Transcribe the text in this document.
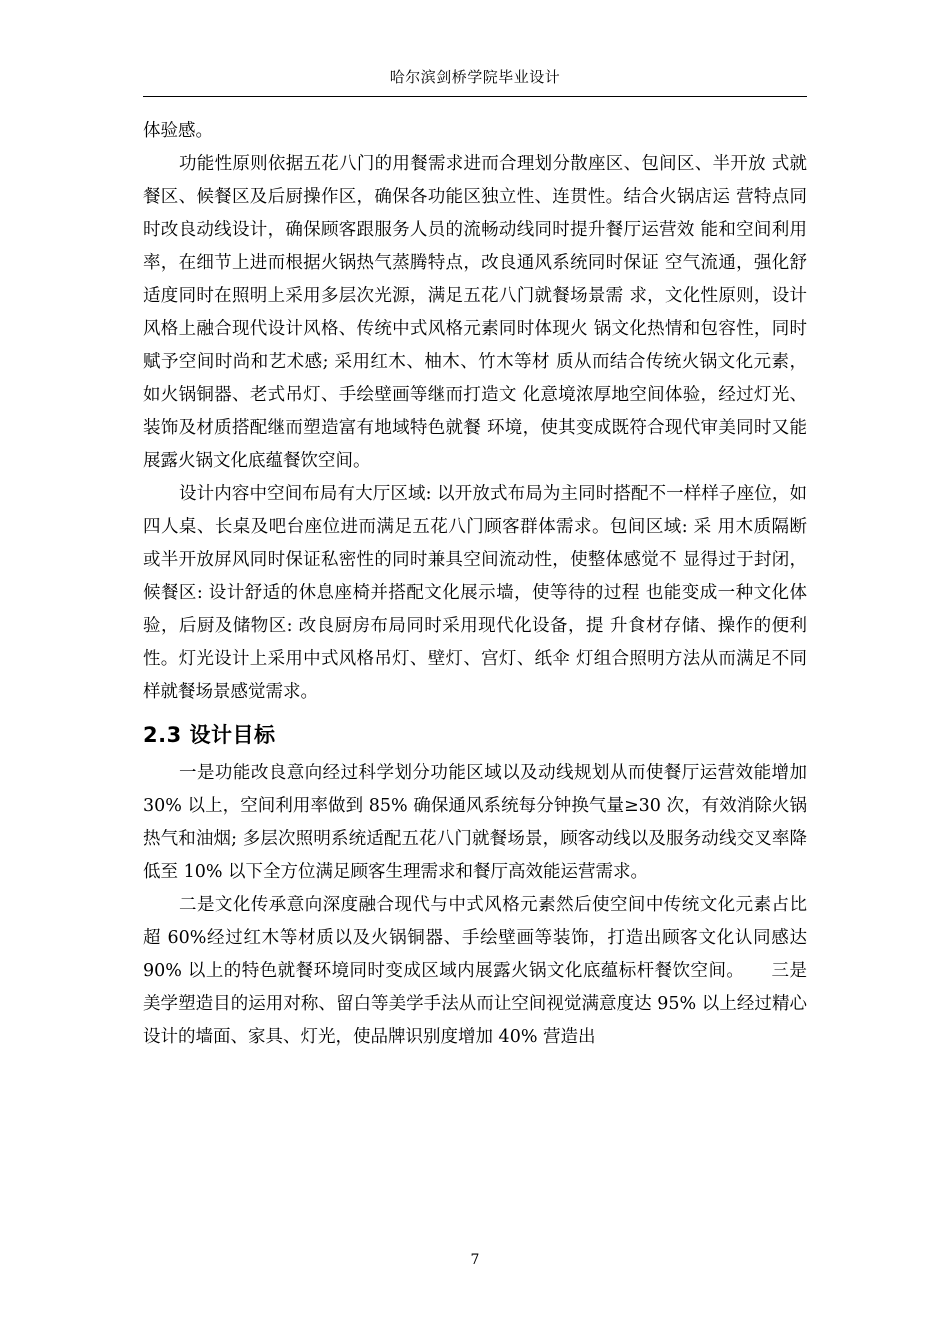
哈尔滨剑桥学院毕业设计

体验感。

功能性原则依据五花八门的用餐需求进而合理划分散座区、包间区、半开放 式就餐区、候餐区及后厨操作区，确保各功能区独立性、连贯性。结合火锅店运 营特点同时改良动线设计，确保顾客跟服务人员的流畅动线同时提升餐厅运营效 能和空间利用率，在细节上进而根据火锅热气蒸腾特点，改良通风系统同时保证 空气流通，强化舒适度同时在照明上采用多层次光源，满足五花八门就餐场景需 求，文化性原则，设计风格上融合现代设计风格、传统中式风格元素同时体现火 锅文化热情和包容性，同时赋予空间时尚和艺术感; 采用红木、柚木、竹木等材 质从而结合传统火锅文化元素，如火锅铜器、老式吊灯、手绘壁画等继而打造文 化意境浓厚地空间体验，经过灯光、装饰及材质搭配继而塑造富有地域特色就餐 环境，使其变成既符合现代审美同时又能展露火锅文化底蕴餐饮空间。

设计内容中空间布局有大厅区域: 以开放式布局为主同时搭配不一样样子座位，如四人桌、长桌及吧台座位进而满足五花八门顾客群体需求。包间区域: 采 用木质隔断或半开放屏风同时保证私密性的同时兼具空间流动性，使整体感觉不 显得过于封闭，候餐区: 设计舒适的休息座椅并搭配文化展示墙，使等待的过程 也能变成一种文化体验，后厨及储物区: 改良厨房布局同时采用现代化设备，提 升食材存储、操作的便利性。灯光设计上采用中式风格吊灯、壁灯、宫灯、纸伞 灯组合照明方法从而满足不同样就餐场景感觉需求。

2.3 设计目标

一是功能改良意向经过科学划分功能区域以及动线规划从而使餐厅运营效能增加 30% 以上，空间利用率做到 85% 确保通风系统每分钟换气量≥30 次，有效消除火锅热气和油烟; 多层次照明系统适配五花八门就餐场景，顾客动线以及服务动线交叉率降低至 10% 以下全方位满足顾客生理需求和餐厅高效能运营需求。

二是文化传承意向深度融合现代与中式风格元素然后使空间中传统文化元素占比超 60%经过红木等材质以及火锅铜器、手绘壁画等装饰，打造出顾客文化认同感达 90% 以上的特色就餐环境同时变成区域内展露火锅文化底蕴标杆餐饮空间。　　三是美学塑造目的运用对称、留白等美学手法从而让空间视觉满意度达 95% 以上经过精心设计的墙面、家具、灯光，使品牌识别度增加 40% 营造出

7
